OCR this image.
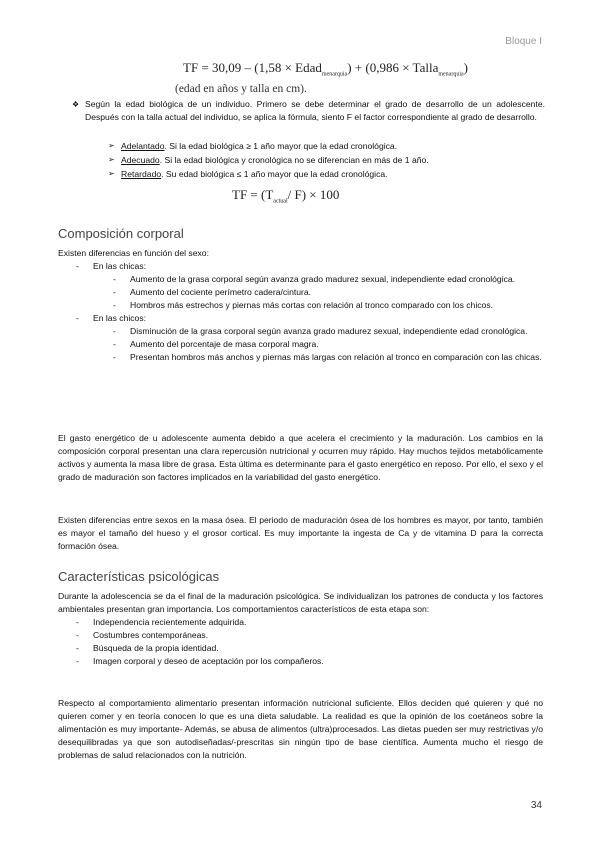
Bloque I
TF = 30,09 – (1,58 × Edad$_{menarquia}$) + (0,986 × Talla$_{menarquia}$)
(edad en años y talla en cm).
❖ Según la edad biológica de un individuo. Primero se debe determinar el grado de desarrollo de un adolescente. Después con la talla actual del individuo, se aplica la fórmula, siento F el factor correspondiente al grado de desarrollo.
➢ Adelantado. Si la edad biológica ≥ 1 año mayor que la edad cronológica.
➢ Adecuado. Si la edad biológica y cronológica no se diferencian en más de 1 año.
➢ Retardado. Su edad biológica ≤ 1 año mayor que la edad cronológica.
TF = ($T_{actual}/$ F) × 100
Composición corporal
Existen diferencias en función del sexo:
- En las chicas:
- Aumento de la grasa corporal según avanza grado madurez sexual, independiente edad cronológica.
- Aumento del cociente perímetro cadera/cintura.
- Hombros más estrechos y piernas más cortas con relación al tronco comparado con los chicos.
- En las chicos:
- Disminución de la grasa corporal según avanza grado madurez sexual, independiente edad cronológica.
- Aumento del porcentaje de masa corporal magra.
- Presentan hombros más anchos y piernas más largas con relación al tronco en comparación con las chicas.
El gasto energético de u adolescente aumenta debido a que acelera el crecimiento y la maduración. Los cambios en la composición corporal presentan una clara repercusión nutricional y ocurren muy rápido. Hay muchos tejidos metabólicamente activos y aumenta la masa libre de grasa. Esta última es determinante para el gasto energético en reposo. Por ello, el sexo y el grado de maduración son factores implicados en la variabilidad del gasto energético.
Existen diferencias entre sexos en la masa ósea. El periodo de maduración ósea de los hombres es mayor, por tanto, también es mayor el tamaño del hueso y el grosor cortical. Es muy importante la ingesta de Ca y de vitamina D para la correcta formación ósea.
Características psicológicas
Durante la adolescencia se da el final de la maduración psicológica. Se individualizan los patrones de conducta y los factores ambientales presentan gran importancia. Los comportamientos característicos de esta etapa son:
- Independencia recientemente adquirida.
- Costumbres contemporáneas.
- Búsqueda de la propia identidad.
- Imagen corporal y deseo de aceptación por los compañeros.
Respecto al comportamiento alimentario presentan información nutricional suficiente. Ellos deciden qué quieren y qué no quieren comer y en teoría conocen lo que es una dieta saludable. La realidad es que la opinión de los coetáneos sobre la alimentación es muy importante- Además, se abusa de alimentos (ultra)procesados. Las dietas pueden ser muy restrictivas y/o desequilibradas ya que son autodiseñadas/-prescritas sin ningún tipo de base científica. Aumenta mucho el riesgo de problemas de salud relacionados con la nutrición.
34
